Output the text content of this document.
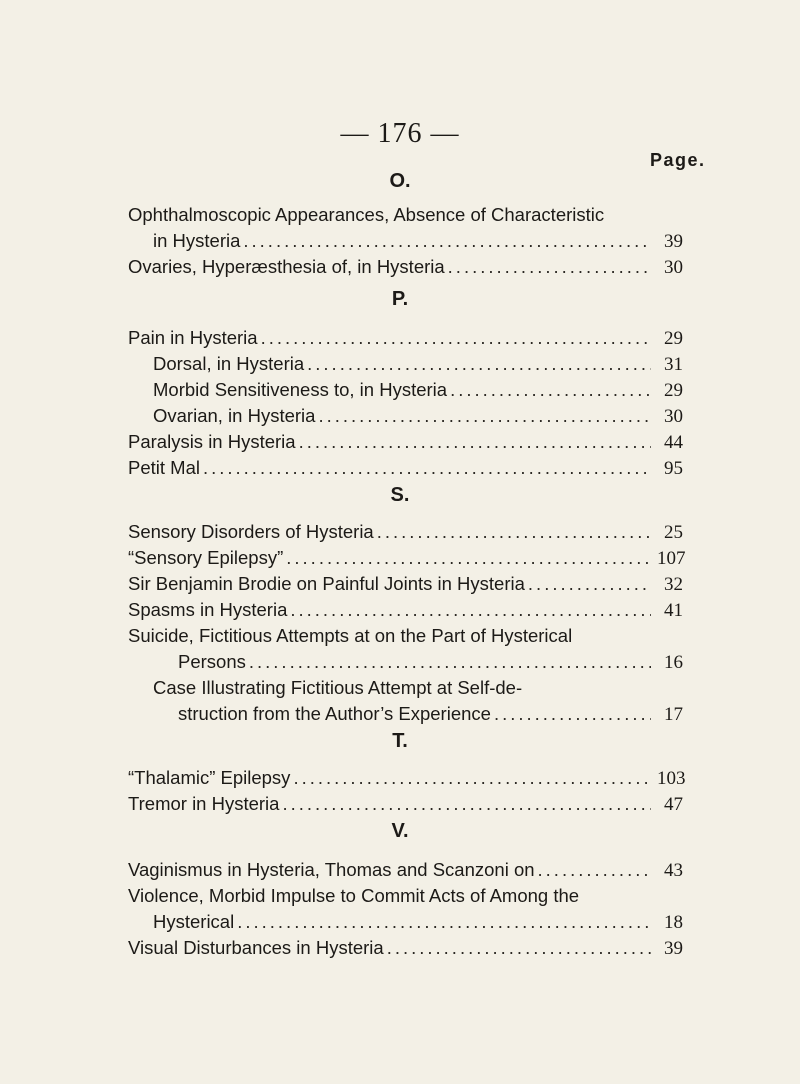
— 176 —
Page.
O.
Ophthalmoscopic Appearances, Absence of Characteristic
in Hysteria .....	39
Ovaries, Hyperæsthesia of, in Hysteria .....	30
P.
Pain in Hysteria .....	29
Dorsal, in Hysteria .....	31
Morbid Sensitiveness to, in Hysteria .....	29
Ovarian, in Hysteria .....	30
Paralysis in Hysteria .....	44
Petit Mal .....	95
S.
Sensory Disorders of Hysteria .....	25
“Sensory Epilepsy” .....	107
Sir Benjamin Brodie on Painful Joints in Hysteria .....	32
Spasms in Hysteria .....	41
Suicide, Fictitious Attempts at on the Part of Hysterical
Persons .....	16
Case Illustrating Fictitious Attempt at Self-de-
struction from the Author’s Experience .....	17
T.
“Thalamic” Epilepsy .....	103
Tremor in Hysteria .....	47
V.
Vaginismus in Hysteria, Thomas and Scanzoni on .....	43
Violence, Morbid Impulse to Commit Acts of Among the
Hysterical .....	18
Visual Disturbances in Hysteria .....	39
